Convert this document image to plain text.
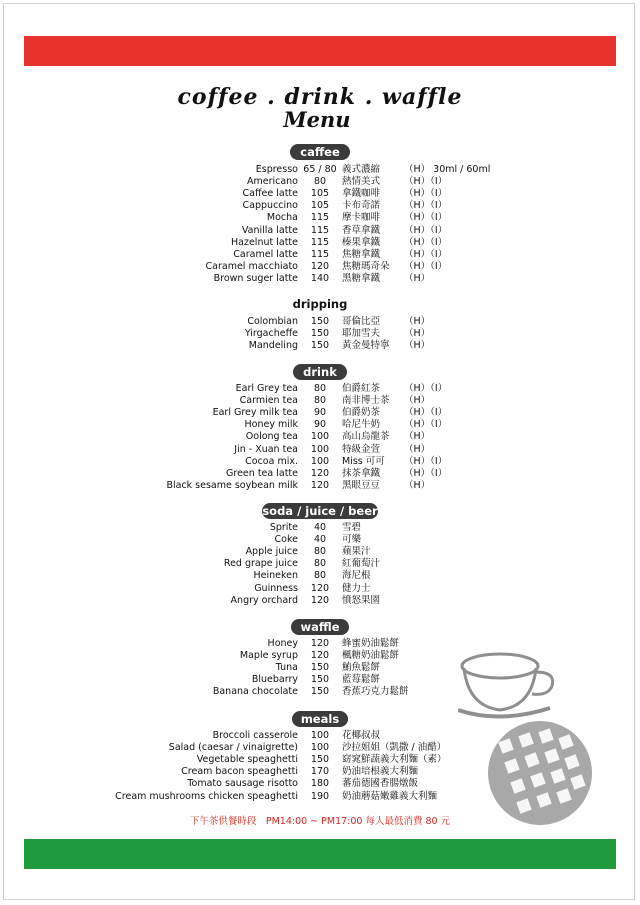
coffee . drink . waffle
Menu
caffee
Espresso 65 / 80 義式濃縮	（H） 30ml / 60ml
Americano	80	熱情美式	（H）（I）
Caffee latte	105	拿鐵咖啡	（H）（I）
Cappuccino	105	卡布奇諾	（H）（I）
Mocha	115	摩卡咖啡	（H）（I）
Vanilla latte	115	香草拿鐵	（H）（I）
Hazelnut latte	115	榛果拿鐵	（H）（I）
Caramel latte	115	焦糖拿鐵	（H）（I）
Caramel macchiato	120	焦糖瑪奇朵 （H）（I）
Brown suger latte	140	黑糖拿鐵	（H）
dripping
Colombian	150	哥倫比亞	（H）
Yirgacheffe	150	耶加雪夫	（H）
Mandeling	150	黃金曼特寧 （H）
drink
Earl Grey tea	80	伯爵紅茶	（H）（I）
Carmien tea	80	南非博士茶 （H）
Earl Grey milk tea	90	伯爵奶茶	（H）（I）
Honey milk	90	哈尼牛奶	（H）（I）
Oolong tea	100	高山烏龍茶 （H）
Jin - Xuan tea	100	特級金萱	（H）
Cocoa mix.	100	Miss 可可 （H）（I）
Green tea latte	120	抹茶拿鐵	（H）（I）
Black sesame soybean milk	120	黑眼豆豆	（H）
soda / juice / beer
Sprite	40	雪碧
Coke	40	可樂
Apple juice	80	蘋果汁
Red grape juice	80	紅葡萄汁
Heineken	80	海尼根
Guinness	120	健力士
Angry orchard	120	憤怒果園
waffle
Honey	120	蜂蜜奶油鬆餅
Maple syrup	120	楓糖奶油鬆餅
Tuna	150	鮪魚鬆餅
Bluebarry	150	藍莓鬆餅
Banana chocolate	150	香蕉巧克力鬆餅
meals
Broccoli casserole	100	花椰叔叔
Salad (caesar / vinaigrette)	100	沙拉姐姐（凱撒 / 油醋）
Vegetable speaghetti	150	窈窕鮮蔬義大利麵（素）
Cream bacon speaghetti	170	奶油培根義大利麵
Tomato sausage risotto	180	蕃茄德國香腸燉飯
Cream mushrooms chicken speaghetti	190	奶油蘑菇嫩雞義大利麵
下午茶供餐時段　PM14:00 ~ PM17:00 每人最低消費 80 元
